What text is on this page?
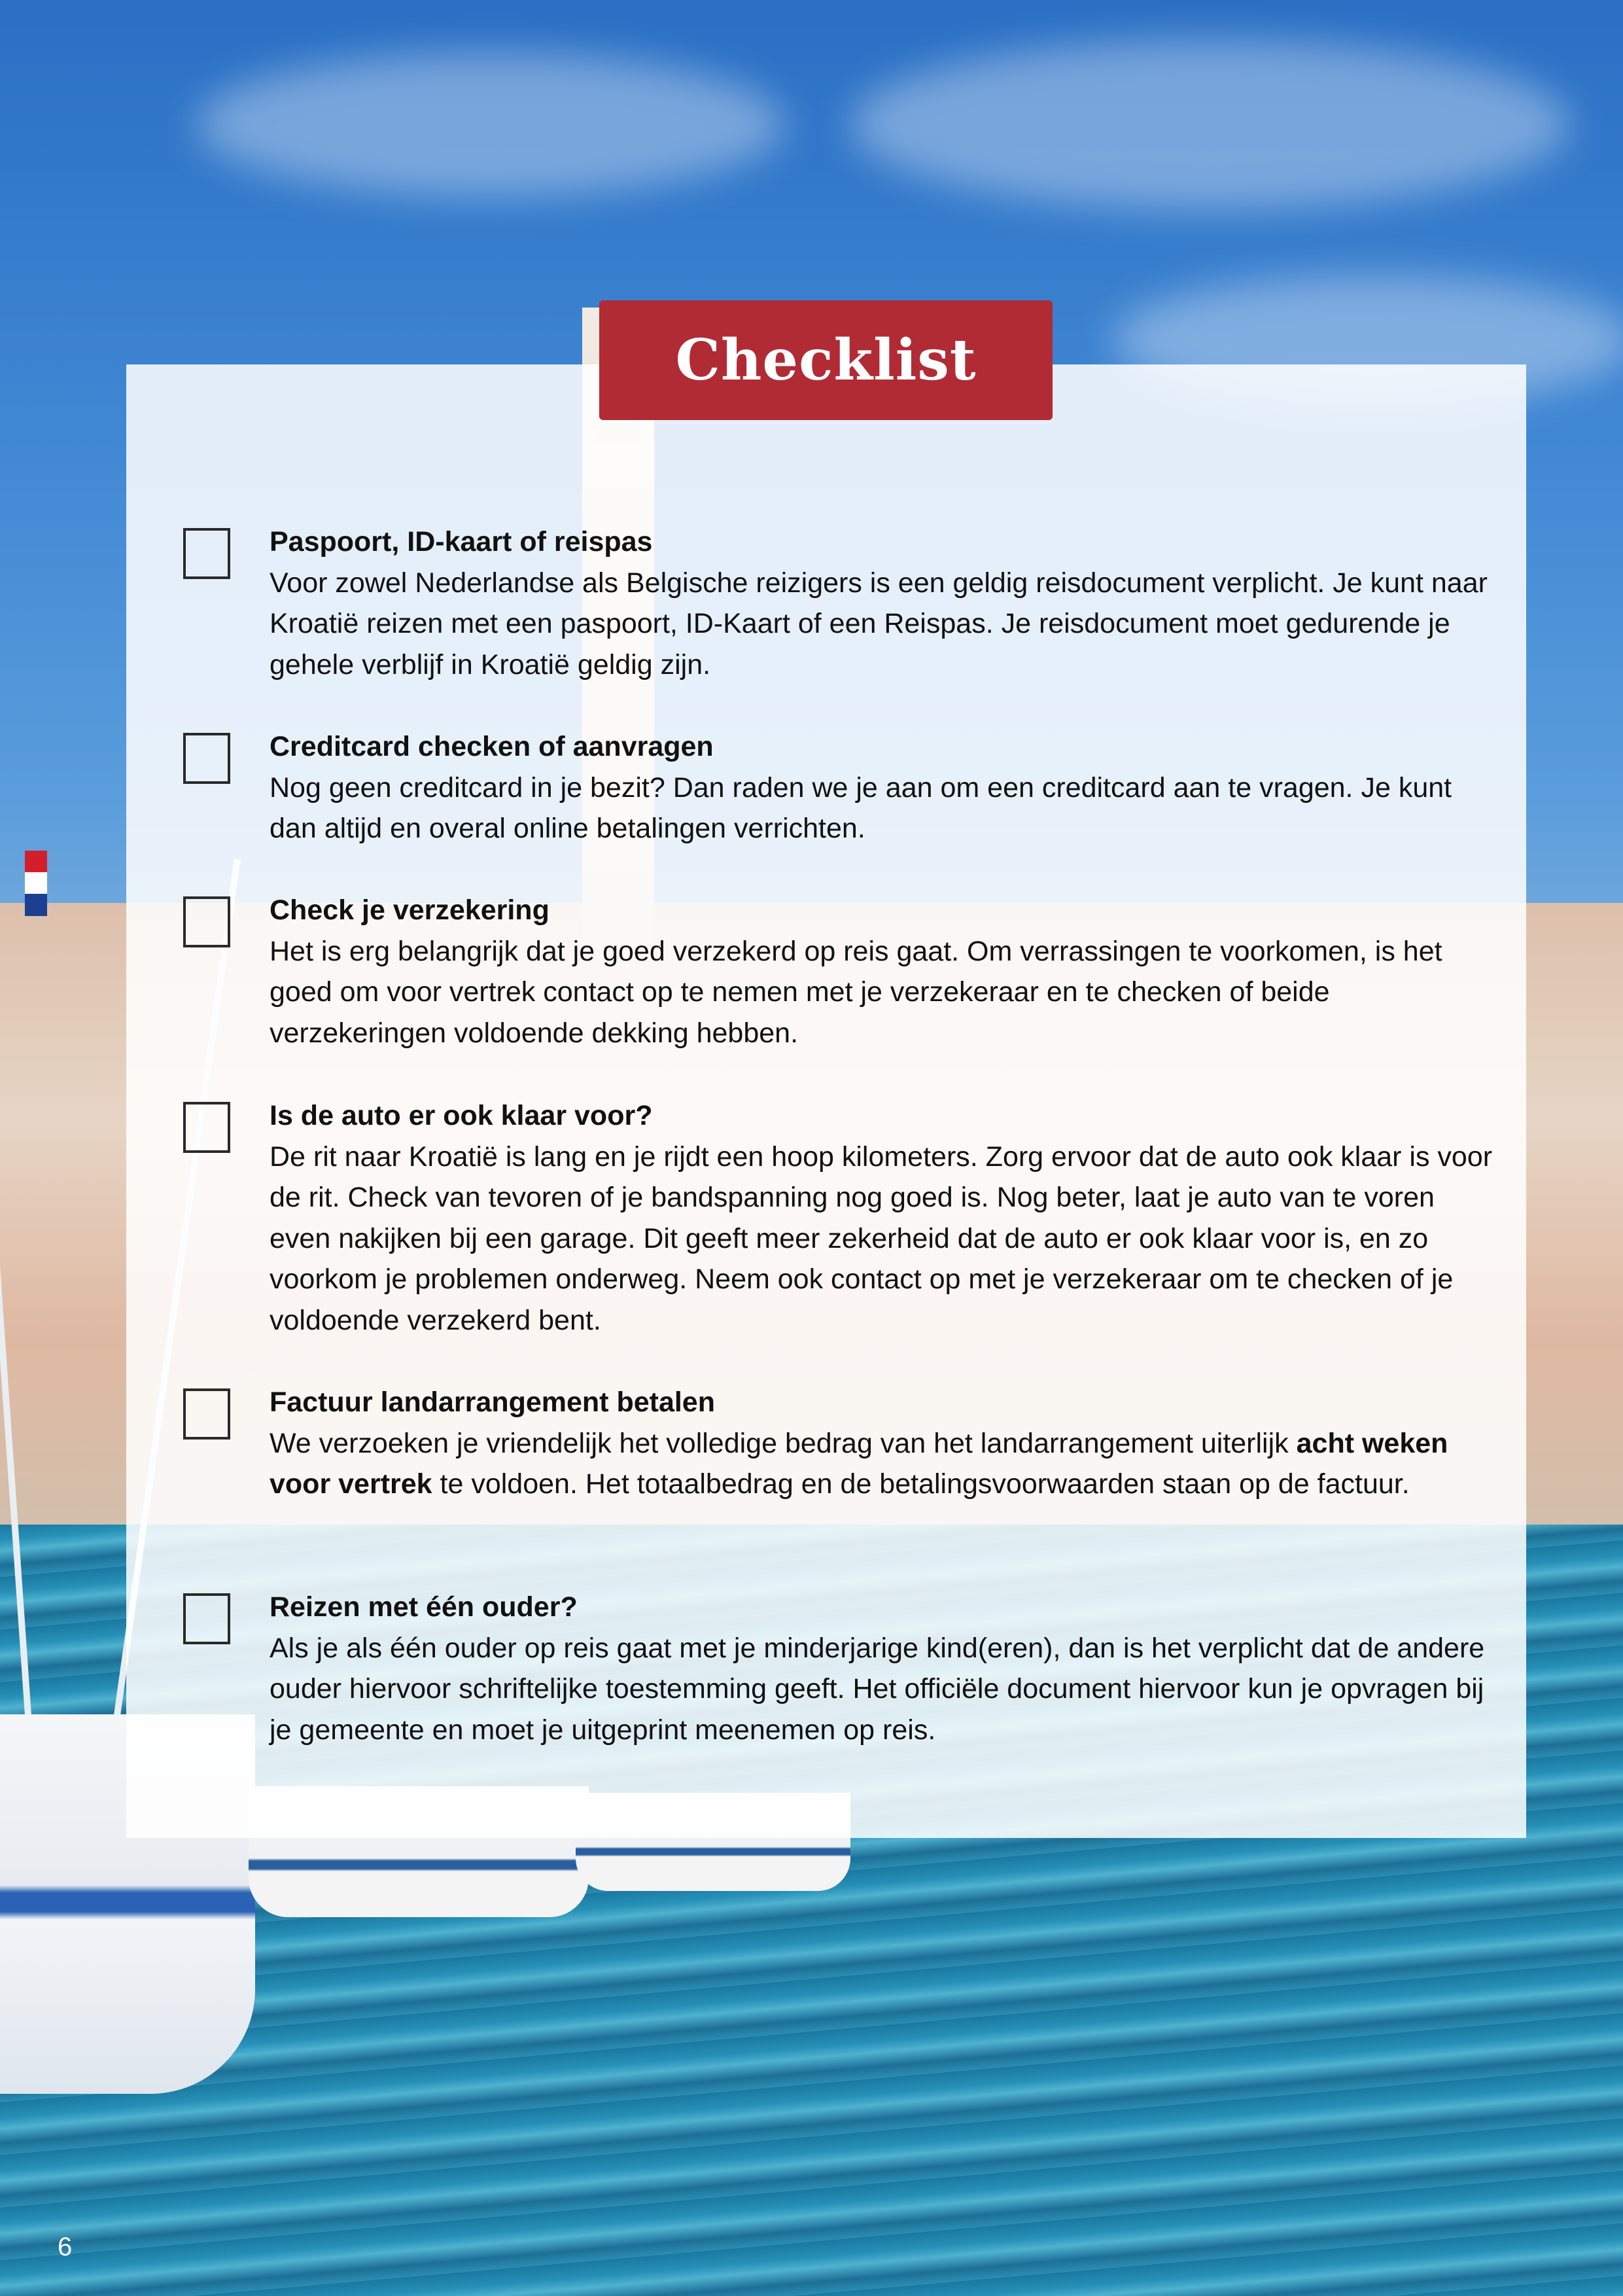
Checklist
Paspoort, ID-kaart of reispas
Voor zowel Nederlandse als Belgische reizigers is een geldig reisdocument verplicht. Je kunt naar Kroatië reizen met een paspoort, ID-Kaart of een Reispas. Je reisdocument moet gedurende je gehele verblijf in Kroatië geldig zijn.
Creditcard checken of aanvragen
Nog geen creditcard in je bezit? Dan raden we je aan om een creditcard aan te vragen. Je kunt dan altijd en overal online betalingen verrichten.
Check je verzekering
Het is erg belangrijk dat je goed verzekerd op reis gaat. Om verrassingen te voorkomen, is het goed om voor vertrek contact op te nemen met je verzekeraar en te checken of beide verzekeringen voldoende dekking hebben.
Is de auto er ook klaar voor?
De rit naar Kroatië is lang en je rijdt een hoop kilometers. Zorg ervoor dat de auto ook klaar is voor de rit. Check van tevoren of je bandspanning nog goed is. Nog beter, laat je auto van te voren even nakijken bij een garage. Dit geeft meer zekerheid dat de auto er ook klaar voor is, en zo voorkom je problemen onderweg. Neem ook contact op met je verzekeraar om te checken of je voldoende verzekerd bent.
Factuur landarrangement betalen
We verzoeken je vriendelijk het volledige bedrag van het landarrangement uiterlijk acht weken voor vertrek te voldoen. Het totaalbedrag en de betalingsvoorwaarden staan op de factuur.
Reizen met één ouder?
Als je als één ouder op reis gaat met je minderjarige kind(eren), dan is het verplicht dat de andere ouder hiervoor schriftelijke toestemming geeft. Het officiële document hiervoor kun je opvragen bij je gemeente en moet je uitgeprint meenemen op reis.
6
